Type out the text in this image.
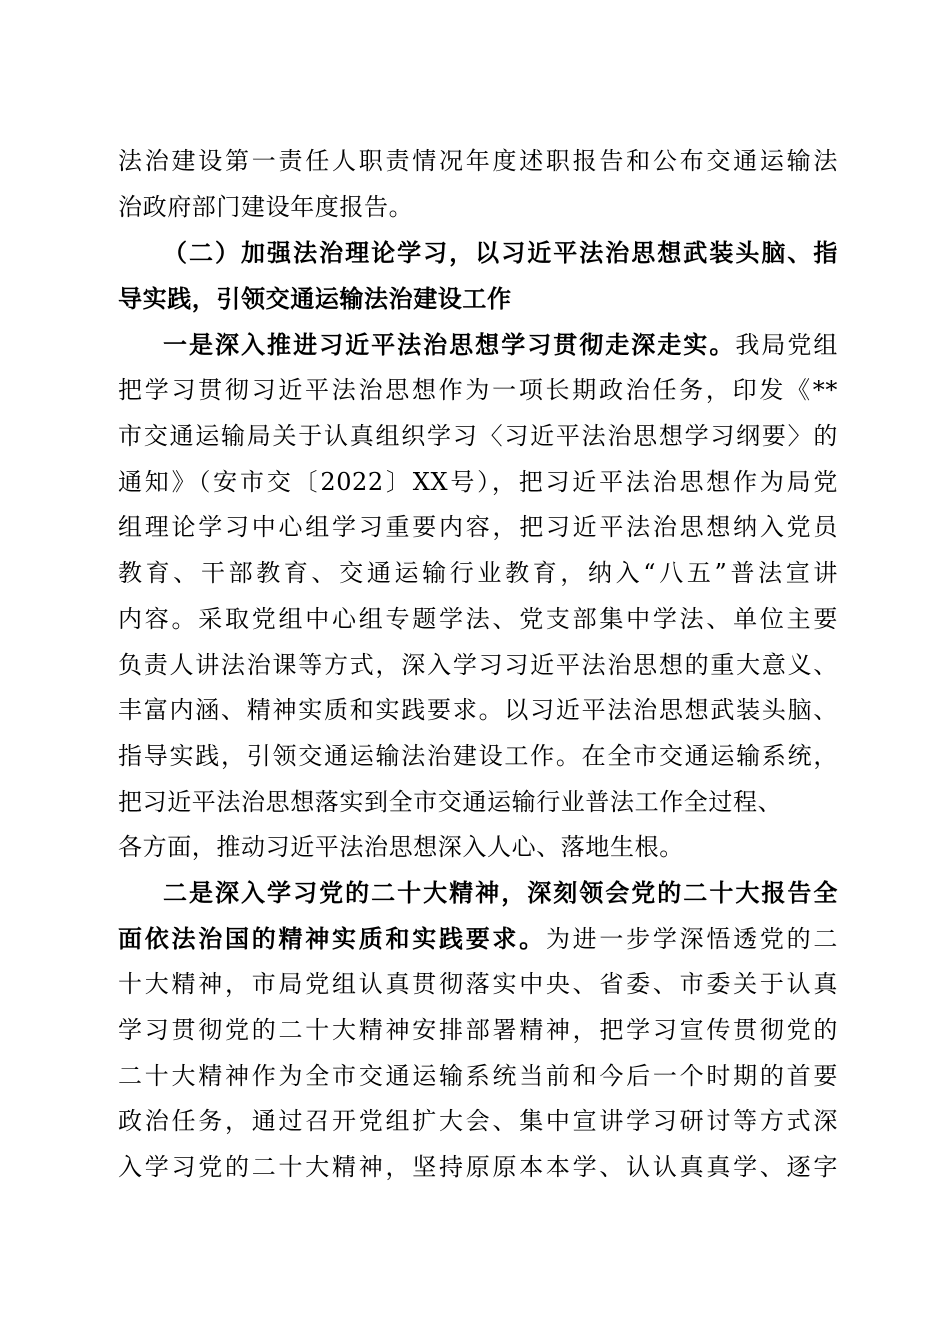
法治建设第一责任人职责情况年度述职报告和公布交通运输法
治政府部门建设年度报告。
（二）加强法治理论学习，以习近平法治思想武装头脑、指
导实践，引领交通运输法治建设工作
一是深入推进习近平法治思想学习贯彻走深走实。我局党组
把学习贯彻习近平法治思想作为一项长期政治任务，印发《**
市交通运输局关于认真组织学习〈习近平法治思想学习纲要〉的
通知》（安市交〔2022〕XX号），把习近平法治思想作为局党
组理论学习中心组学习重要内容，把习近平法治思想纳入党员
教育、干部教育、交通运输行业教育，纳入“八五”普法宣讲
内容。采取党组中心组专题学法、党支部集中学法、单位主要
负责人讲法治课等方式，深入学习习近平法治思想的重大意义、
丰富内涵、精神实质和实践要求。以习近平法治思想武装头脑、
指导实践，引领交通运输法治建设工作。在全市交通运输系统，
把习近平法治思想落实到全市交通运输行业普法工作全过程、
各方面，推动习近平法治思想深入人心、落地生根。
二是深入学习党的二十大精神，深刻领会党的二十大报告全
面依法治国的精神实质和实践要求。为进一步学深悟透党的二
十大精神，市局党组认真贯彻落实中央、省委、市委关于认真
学习贯彻党的二十大精神安排部署精神，把学习宣传贯彻党的
二十大精神作为全市交通运输系统当前和今后一个时期的首要
政治任务，通过召开党组扩大会、集中宣讲学习研讨等方式深
入学习党的二十大精神，坚持原原本本学、认认真真学、逐字
